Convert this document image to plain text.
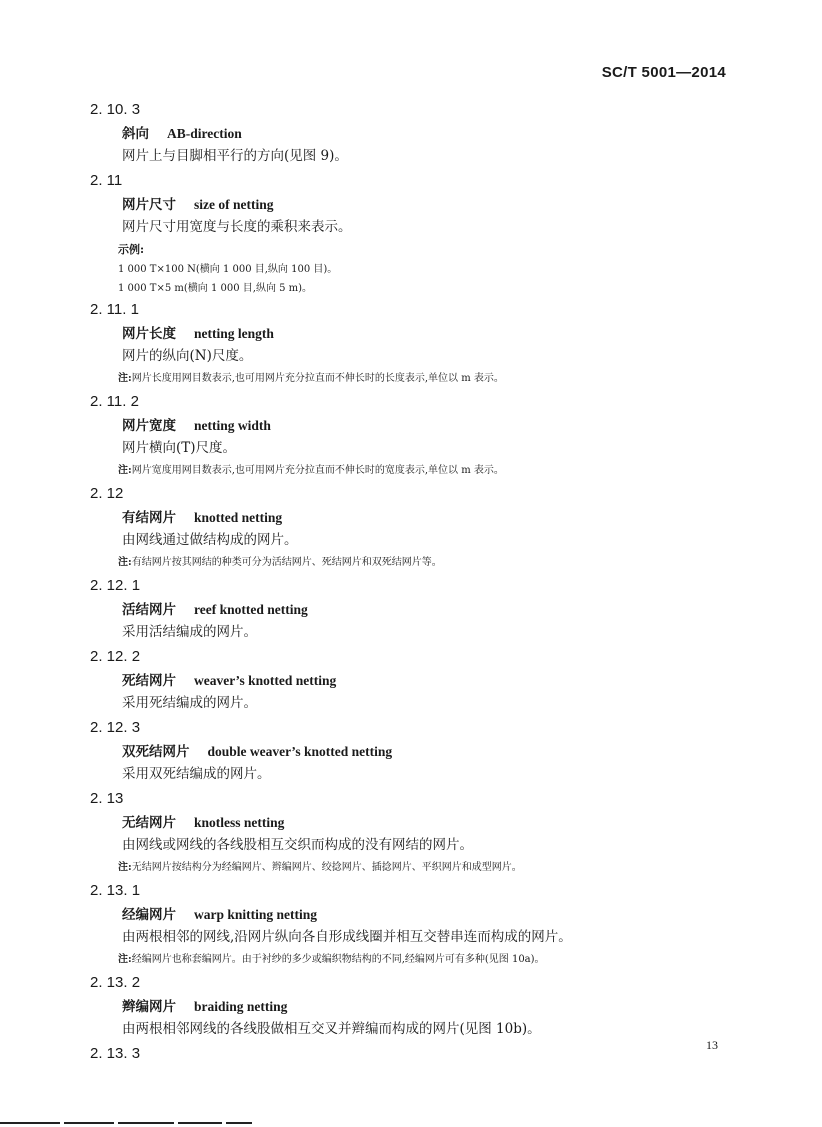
SC/T 5001—2014
2. 10. 3
斜向 AB-direction
网片上与目脚相平行的方向(见图 9)。
2. 11
网片尺寸 size of netting
网片尺寸用宽度与长度的乘积来表示。
示例:
1 000 T×100 N(横向 1 000 目,纵向 100 目)。
1 000 T×5 m(横向 1 000 目,纵向 5 m)。
2. 11. 1
网片长度 netting length
网片的纵向(N)尺度。
注:网片长度用网目数表示,也可用网片充分拉直而不伸长时的长度表示,单位以 m 表示。
2. 11. 2
网片宽度 netting width
网片横向(T)尺度。
注:网片宽度用网目数表示,也可用网片充分拉直而不伸长时的宽度表示,单位以 m 表示。
2. 12
有结网片 knotted netting
由网线通过做结构成的网片。
注:有结网片按其网结的种类可分为活结网片、死结网片和双死结网片等。
2. 12. 1
活结网片 reef knotted netting
采用活结编成的网片。
2. 12. 2
死结网片 weaver’s knotted netting
采用死结编成的网片。
2. 12. 3
双死结网片 double weaver’s knotted netting
采用双死结编成的网片。
2. 13
无结网片 knotless netting
由网线或网线的各线股相互交织而构成的没有网结的网片。
注:无结网片按结构分为经编网片、辫编网片、绞捻网片、插捻网片、平织网片和成型网片。
2. 13. 1
经编网片 warp knitting netting
由两根相邻的网线,沿网片纵向各自形成线圈并相互交替串连而构成的网片。
注:经编网片也称套编网片。由于衬纱的多少或编织物结构的不同,经编网片可有多种(见图 10a)。
2. 13. 2
辫编网片 braiding netting
由两根相邻网线的各线股做相互交叉并辫编而构成的网片(见图 10b)。
2. 13. 3	13
